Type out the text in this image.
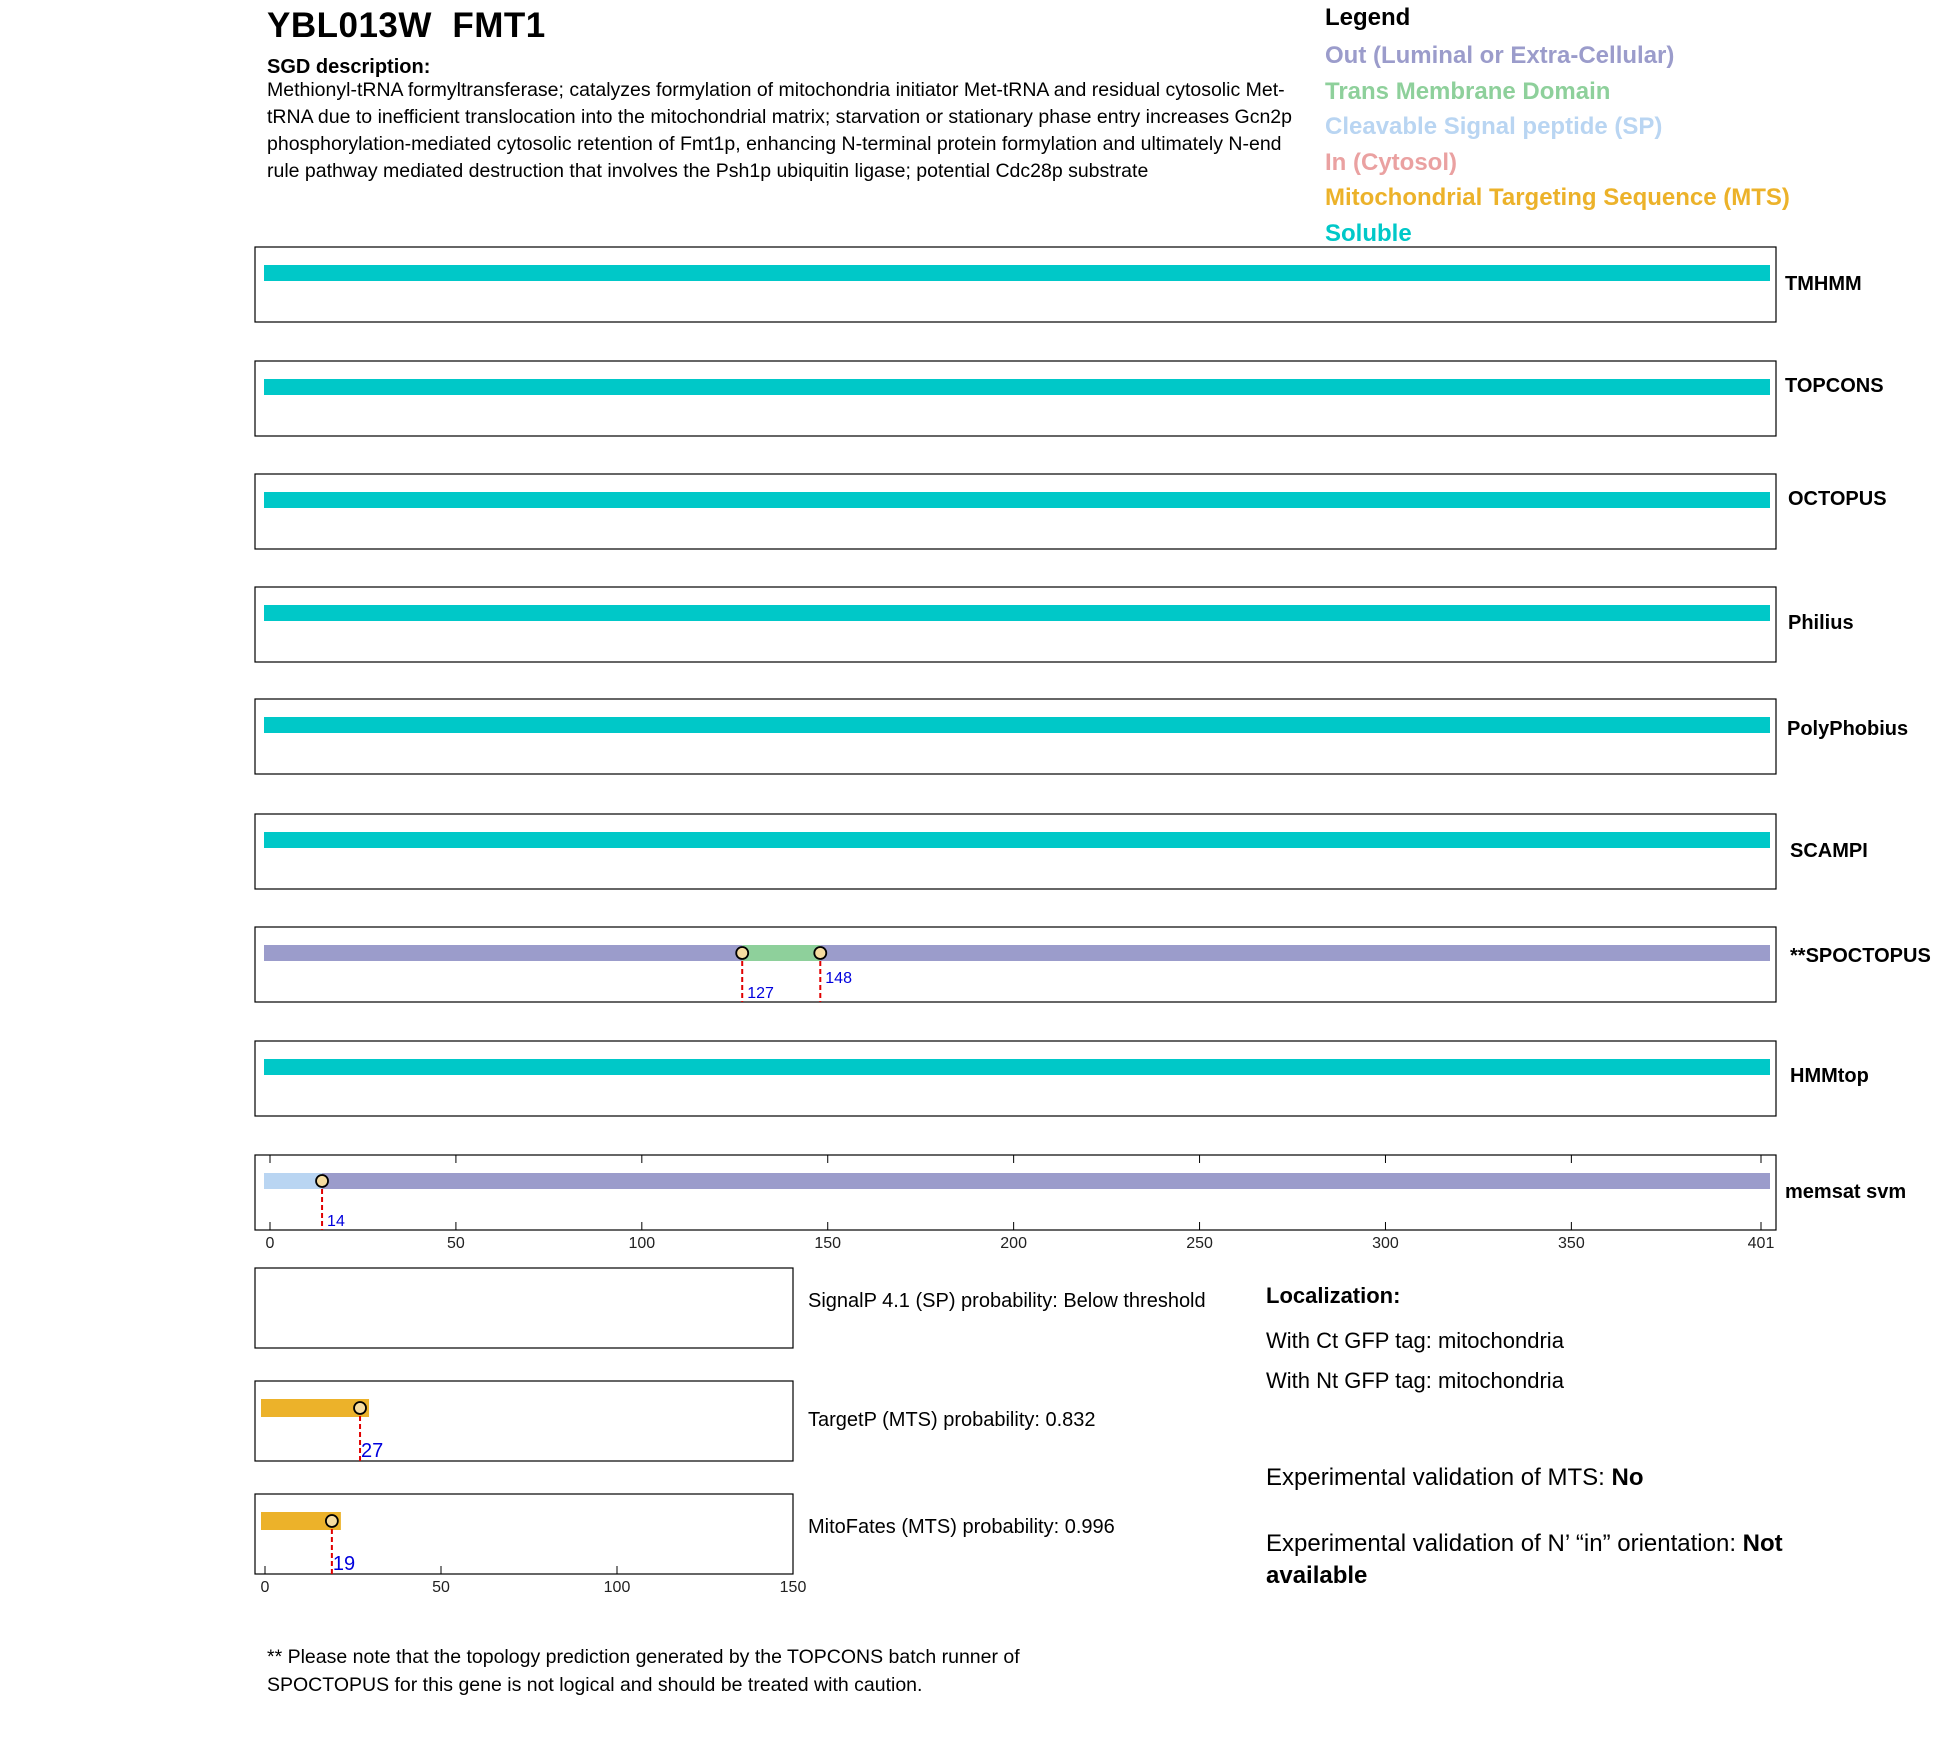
YBL013W  FMT1
SGD description:
Methionyl-tRNA formyltransferase; catalyzes formylation of mitochondria initiator Met-tRNA and residual cytosolic Met-tRNA due to inefficient translocation into the mitochondrial matrix; starvation or stationary phase entry increases Gcn2p phosphorylation-mediated cytosolic retention of Fmt1p, enhancing N-terminal protein formylation and ultimately N-end rule pathway mediated destruction that involves the Psh1p ubiquitin ligase; potential Cdc28p substrate
Legend
Out (Luminal or Extra-Cellular)
Trans Membrane Domain
Cleavable Signal peptide (SP)
In (Cytosol)
Mitochondrial Targeting Sequence (MTS)
Soluble
TMHMM
TOPCONS
OCTOPUS
Philius
PolyPhobius
SCAMPI
127
148
**SPOCTOPUS
HMMtop
14
memsat svm
0	50	100	150	200	250	300	350	401
SignalP 4.1 (SP) probability: Below threshold
27
TargetP (MTS) probability: 0.832
19
MitoFates (MTS) probability: 0.996
0	50	100	150
Localization:
With Ct GFP tag: mitochondria
With Nt GFP tag: mitochondria
Experimental validation of MTS: No
Experimental validation of N’ “in” orientation: Not available
** Please note that the topology prediction generated by the TOPCONS batch runner of SPOCTOPUS for this gene is not logical and should be treated with caution.
